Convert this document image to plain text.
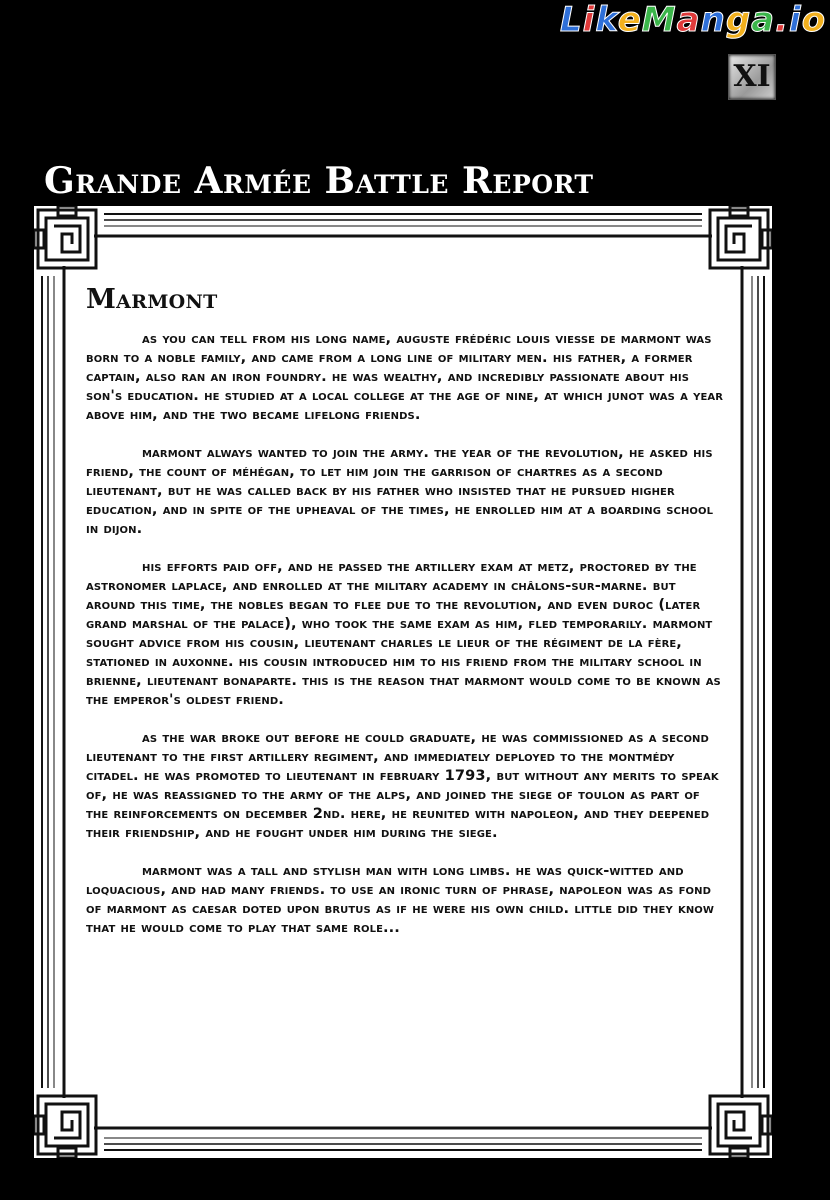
LikeManga.io
XI
Grande Armée Battle Report
Marmont

as you can tell from his long name, auguste frédéric louis viesse de marmont was born to a noble family, and came from a long line of military men. his father, a former captain, also ran an iron foundry. he was wealthy, and incredibly passionate about his son's education. he studied at a local college at the age of nine, at which junot was a year above him, and the two became lifelong friends.

marmont always wanted to join the army. the year of the revolution, he asked his friend, the count of méhégan, to let him join the garrison of chartres as a second lieutenant, but he was called back by his father who insisted that he pursued higher education, and in spite of the upheaval of the times, he enrolled him at a boarding school in dijon.

his efforts paid off, and he passed the artillery exam at metz, proctored by the astronomer laplace, and enrolled at the military academy in châlons-sur-marne. but around this time, the nobles began to flee due to the revolution, and even duroc (later grand marshal of the palace), who took the same exam as him, fled temporarily. marmont sought advice from his cousin, lieutenant charles le lieur of the régiment de la fère, stationed in auxonne. his cousin introduced him to his friend from the military school in brienne, lieutenant bonaparte. this is the reason that marmont would come to be known as the emperor's oldest friend.

as the war broke out before he could graduate, he was commissioned as a second lieutenant to the first artillery regiment, and immediately deployed to the montmédy citadel. he was promoted to lieutenant in february 1793, but without any merits to speak of, he was reassigned to the army of the alps, and joined the siege of toulon as part of the reinforcements on december 2nd. here, he reunited with napoleon, and they deepened their friendship, and he fought under him during the siege.

marmont was a tall and stylish man with long limbs. he was quick-witted and loquacious, and had many friends. to use an ironic turn of phrase, napoleon was as fond of marmont as caesar doted upon brutus as if he were his own child. little did they know that he would come to play that same role...
